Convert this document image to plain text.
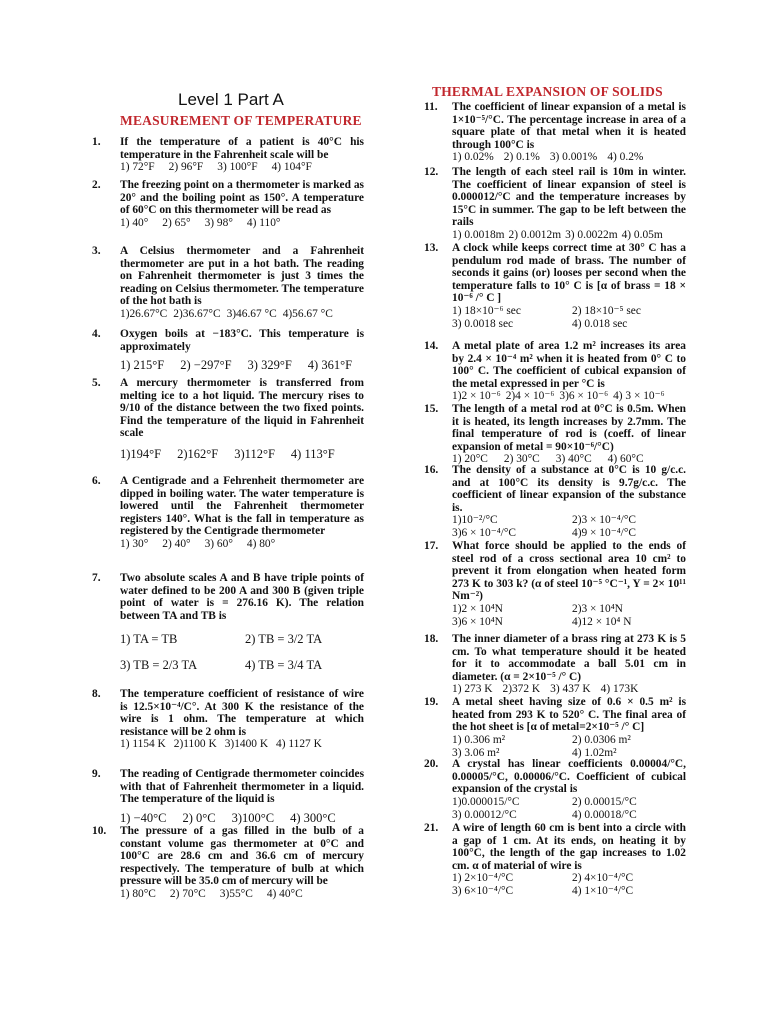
Level 1 Part A
MEASUREMENT OF TEMPERATURE
1. If the temperature of a patient is 40°C his temperature in the Fahrenheit scale will be
1) 72°F 2) 96°F 3) 100°F 4) 104°F
2. The freezing point on a thermometer is marked as 20° and the boiling point as 150°. A temperature of 60°C on this thermometer will be read as
1) 40° 2) 65° 3) 98° 4) 110°
3. A Celsius thermometer and a Fahrenheit thermometer are put in a hot bath. The reading on Fahrenheit thermometer is just 3 times the reading on Celsius thermometer. The temperature of the hot bath is
1)26.67°C 2)36.67°C 3)46.67 °C 4)56.67 °C
4. Oxygen boils at −183°C. This temperature is approximately
1) 215°F 2) −297°F 3) 329°F 4) 361°F
5. A mercury thermometer is transferred from melting ice to a hot liquid. The mercury rises to 9/10 of the distance between the two fixed points. Find the temperature of the liquid in Fahrenheit scale
1)194°F 2)162°F 3)112°F 4) 113°F
6. A Centigrade and a Fehrenheit thermometer are dipped in boiling water. The water temperature is lowered until the Fahrenheit thermometer registers 140°. What is the fall in temperature as registered by the Centigrade thermometer
1) 30° 2) 40° 3) 60° 4) 80°
7. Two absolute scales A and B have triple points of water defined to be 200 A and 300 B (given triple point of water is = 276.16 K). The relation between TA and TB is
1) TA = TB	2) TB = 3/2 TA
3) TB = 2/3 TA	4) TB = 3/4 TA
8. The temperature coefficient of resistance of wire is 12.5×10⁻⁴/C°. At 300 K the resistance of the wire is 1 ohm. The temperature at which resistance will be 2 ohm is
1) 1154 K 2)1100 K 3)1400 K 4) 1127 K
9. The reading of Centigrade thermometer coincides with that of Fahrenheit thermometer in a liquid. The temperature of the liquid is
1) −40°C 2) 0°C 3)100°C 4) 300°C
10. The pressure of a gas filled in the bulb of a constant volume gas thermometer at 0°C and 100°C are 28.6 cm and 36.6 cm of mercury respectively. The temperature of bulb at which pressure will be 35.0 cm of mercury will be
1) 80°C 2) 70°C 3)55°C 4) 40°C
THERMAL EXPANSION OF SOLIDS
11. The coefficient of linear expansion of a metal is 1×10⁻⁵/°C. The percentage increase in area of a square plate of that metal when it is heated through 100°C is
1) 0.02% 2) 0.1% 3) 0.001% 4) 0.2%
12. The length of each steel rail is 10m in winter. The coefficient of linear expansion of steel is 0.000012/°C and the temperature increases by 15°C in summer. The gap to be left between the rails
1) 0.0018m 2) 0.0012m 3) 0.0022m 4) 0.05m
13. A clock while keeps correct time at 30° C has a pendulum rod made of brass. The number of seconds it gains (or) looses per second when the temperature falls to 10° C is [α of brass = 18 × 10⁻⁶ /° C ]
1) 18×10⁻⁶ sec	2) 18×10⁻⁵ sec
3) 0.0018 sec	4) 0.018 sec
14. A metal plate of area 1.2 m² increases its area by 2.4 × 10⁻⁴ m² when it is heated from 0° C to 100° C. The coefficient of cubical expansion of the metal expressed in per °C is
1)2 × 10⁻⁶ 2)4 × 10⁻⁶ 3)6 × 10⁻⁶ 4) 3 × 10⁻⁶
15. The length of a metal rod at 0°C is 0.5m. When it is heated, its length increases by 2.7mm. The final temperature of rod is (coeff. of linear expansion of metal = 90×10⁻⁶/°C)
1) 20°C 2) 30°C 3) 40°C 4) 60°C
16. The density of a substance at 0°C is 10 g/c.c. and at 100°C its density is 9.7g/c.c. The coefficient of linear expansion of the substance is.
1)10⁻²/°C	2)3 × 10⁻⁴/°C
3)6 × 10⁻⁴/°C	4)9 × 10⁻⁴/°C
17. What force should be applied to the ends of steel rod of a cross sectional area 10 cm² to prevent it from elongation when heated form 273 K to 303 k? (α of steel 10⁻⁵ °C⁻¹, Y = 2× 10¹¹ Nm⁻²)
1)2 × 10⁴N	2)3 × 10⁴N
3)6 × 10⁴N	4)12 × 10⁴ N
18. The inner diameter of a brass ring at 273 K is 5 cm. To what temperature should it be heated for it to accommodate a ball 5.01 cm in diameter. (α = 2×10⁻⁵ /° C)
1) 273 K 2)372 K 3) 437 K 4) 173K
19. A metal sheet having size of 0.6 × 0.5 m² is heated from 293 K to 520° C. The final area of the hot sheet is [α of metal=2×10⁻⁵ /° C]
1) 0.306 m²	2) 0.0306 m²
3) 3.06 m²	4) 1.02m²
20. A crystal has linear coefficients 0.00004/°C, 0.00005/°C, 0.00006/°C. Coefficient of cubical expansion of the crystal is
1)0.000015/°C	2) 0.00015/°C
3) 0.00012/°C	4) 0.00018/°C
21. A wire of length 60 cm is bent into a circle with a gap of 1 cm. At its ends, on heating it by 100°C, the length of the gap increases to 1.02 cm. α of material of wire is
1) 2×10⁻⁴/°C	2) 4×10⁻⁴/°C
3) 6×10⁻⁴/°C	4) 1×10⁻⁴/°C
